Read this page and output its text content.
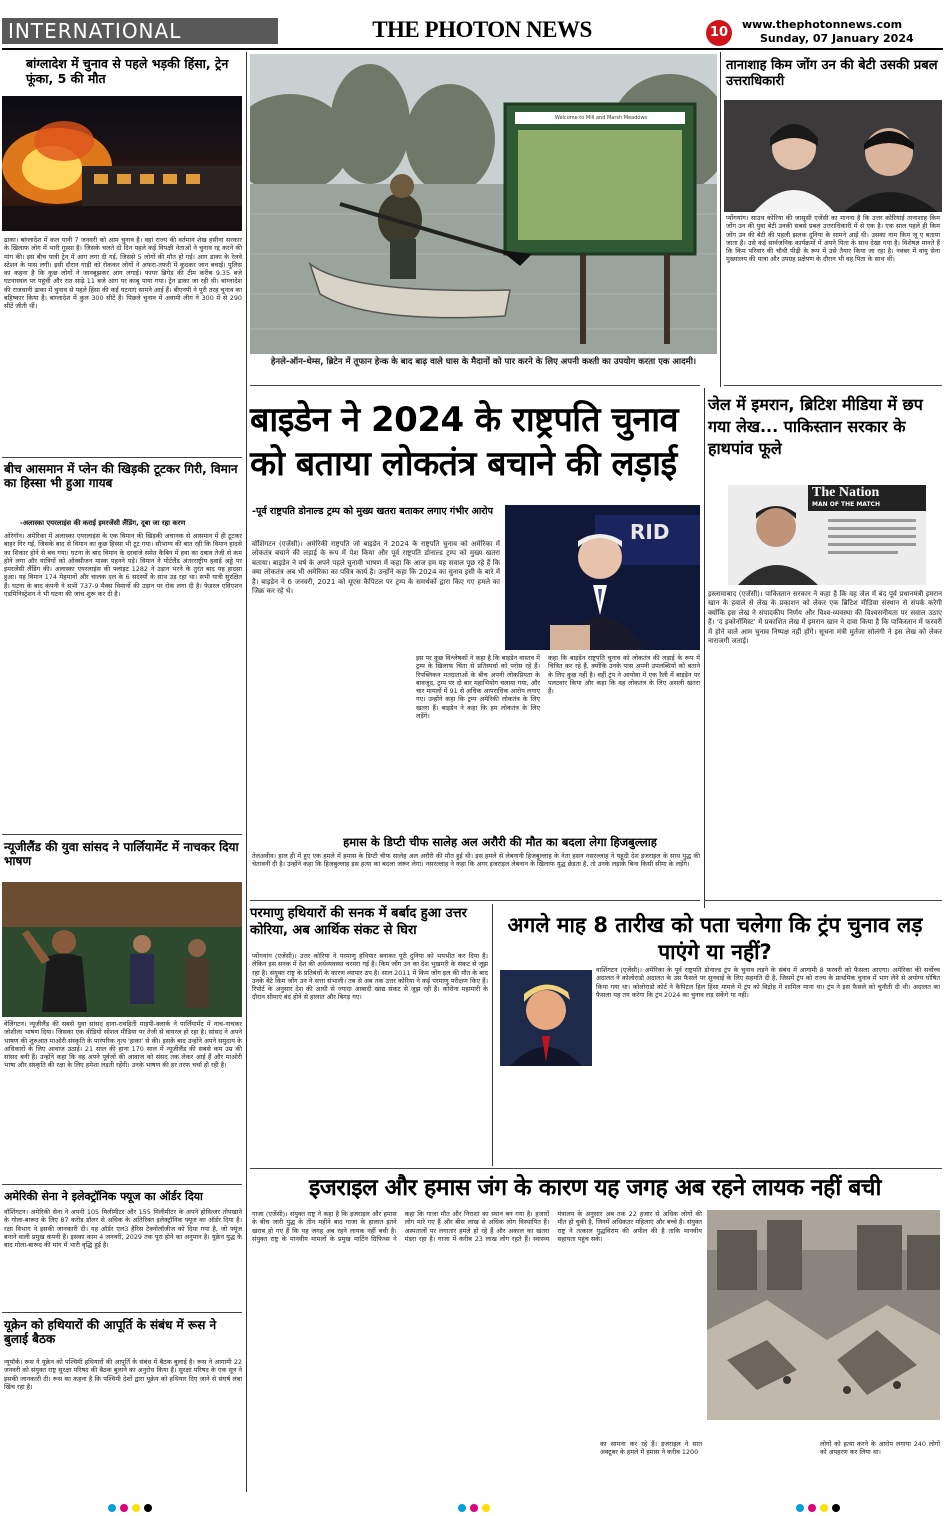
INTERNATIONAL	THE PHOTON NEWS	10
www.thephotonnews.com
Sunday, 07 January 2024
बांग्लादेश में चुनाव से पहले भड़की हिंसा, ट्रेन फूंका, 5 की मौत
ढाका। बांग्लादेश में कल यानी 7 जनवरी को आम चुनाव है। वहां राज्य की वर्तमान शेख हसीना सरकार के खिलाफ लोग में भारी गुस्सा है। जिसके चलते दो दिन पहले कई विपक्षी नेताओं ने चुनाव रद्द करने की मांग की। इस बीच यात्री ट्रेन में आग लगा दी गई, जिससे 5 लोगों की मौत हो गई। आग ढाका के रेलवे स्टेशन के पास लगी। इसी दौरान गाड़ी को रोककर लोगों ने अफरा-तफरी में कूदकर जान बचाई। पुलिस का कहना है कि कुछ लोगों ने जानबूझकर आग लगाई। फायर ब्रिगेड की टीम करीब 9.35 बजे घटनास्थल पर पहुंची और रात साढ़े 11 बजे आग पर काबू पाया गया। ट्रेन ढाका जा रही थी। बांग्लादेश की राजधानी ढाका में चुनाव से पहले हिंसा की कई घटनाएं सामने आई हैं। बीएनपी ने पूरी तरह चुनाव का बहिष्कार किया है। बांग्लादेश में कुल 300 सीटें हैं। पिछले चुनाव में अवामी लीग ने 300 में से 290 सीटें जीती थीं।
बीच आसमान में प्लेन की खिड़की टूटकर गिरी, विमान का हिस्सा भी हुआ गायब
-अलास्का एयरलाइंस की कराई इमरजेंसी लैंडिंग, दूबा जा रहा करण
ओरेगॉन। अमेरिका में अलास्का एयरलाइंस के एक विमान की खिड़की अचानक से आसमान में ही टूटकर बाहर गिर गई, जिसके बाद से विमान का कुछ हिस्सा भी टूट गया। सौभाग्य की बात रही कि विमान हादसे का शिकार होने से बच गया। घटना के बाद विमान के दरवाजे समेत कैबिन में हवा का दबाव तेजी से कम होने लगा और यात्रियों को ऑक्सीजन मास्क पहनने पड़े। विमान ने पोर्टलैंड अंतरराष्ट्रीय हवाई अड्डे पर इमरजेंसी लैंडिंग की। अलास्का एयरलाइंस की फ्लाइट 1282 ने उड़ान भरने के तुरंत बाद यह हादसा हुआ। यह विमान 174 मेहमानों और चालक दल के 6 सदस्यों के साथ उड़ रहा था। सभी यात्री सुरक्षित हैं। घटना के बाद कंपनी ने सभी 737-9 मैक्स विमानों की उड़ान पर रोक लगा दी है। फेडरल एविएशन एडमिनिस्ट्रेशन ने भी घटना की जांच शुरू कर दी है।
न्यूजीलैंड की युवा सांसद ने पार्लियामेंट में नाचकर दिया भाषण
वेलिंगटन। न्यूजीलैंड की सबसे युवा सांसद हाना-रावहिती माइपी-क्लार्क ने पार्लियामेंट में नाच-नाचकर जोशीला भाषण दिया। जिसका एक वीडियो सोशल मीडिया पर तेजी से वायरल हो रहा है। सांसद ने अपने भाषण की शुरुआत माओरी संस्कृति के पारंपरिक नृत्य 'हाका' से की। इसके बाद उन्होंने अपने समुदाय के अधिकारों के लिए आवाज उठाई। 21 साल की हाना 170 साल में न्यूजीलैंड की सबसे कम उम्र की सांसद बनी हैं। उन्होंने कहा कि वह अपने पूर्वजों की आवाज को संसद तक लेकर आई हैं और माओरी भाषा और संस्कृति की रक्षा के लिए हमेशा लड़ती रहेंगी। उनके भाषण की हर तरफ चर्चा हो रही है।
अमेरिकी सेना ने इलेक्ट्रॉनिक फ्यूज का ऑर्डर दिया
वॉशिंगटन। अमेरिकी सेना ने अपनी 105 मिलीमीटर और 155 मिलीमीटर के अपने होवित्जर तोपखाने के गोला-बारूद के लिए 87 करोड़ डॉलर से अधिक के अतिरिक्त इलेक्ट्रॉनिक फ्यूज का ऑर्डर दिया है। रक्षा विभाग ने इसकी जानकारी दी। यह ऑर्डर एल3 हैरिस टेक्नोलॉजीज को दिया गया है, जो फ्यूज बनाने वाली प्रमुख कंपनी है। इसका काम 4 जनवरी, 2029 तक पूरा होने का अनुमान है। यूक्रेन युद्ध के बाद गोला-बारूद की मांग में भारी वृद्धि हुई है।
यूक्रेन को हथियारों की आपूर्ति के संबंध में रूस ने बुलाई बैठक
न्यूयॉर्क। रूस ने यूक्रेन को पश्चिमी हथियारों की आपूर्ति के संबंध में बैठक बुलाई है। रूस ने आगामी 22 जनवरी को संयुक्त राष्ट्र सुरक्षा परिषद की बैठक बुलाने का अनुरोध किया है। सुरक्षा परिषद के एक सूत्र ने इसकी जानकारी दी। रूस का कहना है कि पश्चिमी देशों द्वारा यूक्रेन को हथियार दिए जाने से संघर्ष लंबा खिंच रहा है।
Welcome to Mill and Marsh Meadows
हेनले-ऑन-थेम्स, ब्रिटेन में तूफान हेन्क के बाद बाढ़ वाले घास के मैदानों को पार करने के लिए अपनी कश्ती का उपयोग करता एक आदमी।
तानाशाह किम जोंग उन की बेटी उसकी प्रबल उत्तराधिकारी
प्योंगयांग। साउथ कोरिया की जासूसी एजेंसी का मानना है कि उत्तर कोरियाई तानाशाह किम जोंग उन की युवा बेटी उनकी सबसे प्रबल उत्तराधिकारी में से एक है। एक साल पहले ही किम जोंग उन की बेटी की पहली झलक दुनिया के सामने आई थी। उसका नाम किम जू ए बताया जाता है। उसे कई सार्वजनिक कार्यक्रमों में अपने पिता के साथ देखा गया है। विशेषज्ञ मानते हैं कि किम परिवार की चौथी पीढ़ी के रूप में उसे तैयार किया जा रहा है। नवंबर में वायु सेना मुख्यालय की यात्रा और उपग्रह प्रक्षेपण के दौरान भी वह पिता के साथ थीं।
बाइडेन ने 2024 के राष्ट्रपति चुनाव को बताया लोकतंत्र बचाने की लड़ाई
-पूर्व राष्ट्रपति डोनाल्ड ट्रम्प को मुख्य खतरा बताकर लगाए गंभीर आरोप
वॉशिंगटन (एजेंसी)। अमेरिकी राष्ट्रपति जो बाइडेन ने 2024 के राष्ट्रपति चुनाव को अमेरिका में लोकतंत्र बचाने की लड़ाई के रूप में पेश किया और पूर्व राष्ट्रपति डोनाल्ड ट्रम्प को मुख्य खतरा बताया। बाइडेन ने वर्ष के अपने पहले चुनावी भाषण में कहा कि आज हम यह सवाल पूछ रहे हैं कि क्या लोकतंत्र अब भी अमेरिका का पवित्र कार्य है। उन्होंने कहा कि 2024 का चुनाव इसी के बारे में है। बाइडेन ने 6 जनवरी, 2021 को यूएस कैपिटल पर ट्रम्प के समर्थकों द्वारा किए गए हमले का जिक्र कर रहे थे।
RID
इस पर कुछ विश्लेषकों ने कहा है कि बाइडेन वास्तव में ट्रम्प के खिलाफ चिंता से प्रतिस्पर्धा को परोस रहे हैं। रिपब्लिकन मतदाताओं के बीच अपनी लोकप्रियता के बावजूद, ट्रम्प पर दो बार महाभियोग चलाया गया, और चार मामलों में 91 से अधिक आपराधिक आरोप लगाए गए। उन्होंने कहा कि ट्रम्प अमेरिकी लोकतंत्र के लिए खतरा हैं। बाइडेन ने कहा कि हम लोकतंत्र के लिए लड़ेंगे।
कहा कि बाइडेन राष्ट्रपति चुनाव को लोकतंत्र की लड़ाई के रूप में चित्रित कर रहे हैं, क्योंकि उनके पास अपनी उपलब्धियों को बताने के लिए कुछ नहीं है। वहीं ट्रंप ने आयोवा में एक रैली में बाइडेन पर पलटवार किया और कहा कि वह लोकतंत्र के लिए असली खतरा हैं।
हमास के डिप्टी चीफ सालेह अल अरौरी की मौत का बदला लेगा हिजबुल्लाह
तेलअवीव। हाल ही में हुए एक हमले में हमास के डिप्टी चीफ सालेह अल अरौरी की मौत हुई थी। इस हमले से लेबनानी हिजबुल्लाह के नेता हसन नसरल्लाह ने यहूदी देश इजराइल के साथ युद्ध की चेतावनी दी है। उन्होंने कहा कि हिजबुल्लाह इस हत्या का बदला जरूर लेगा। नसरल्लाह ने कहा कि अगर इजराइल लेबनान के खिलाफ युद्ध छेड़ता है, तो उनके लड़ाके बिना किसी सीमा के लड़ेंगे।
जेल में इमरान, ब्रिटिश मीडिया में छप गया लेख... पाकिस्तान सरकार के हाथपांव फूले
The Nation
MAN OF THE MATCH
इस्लामाबाद (एजेंसी)। पाकिस्तान सरकार ने कहा है कि वह जेल में बंद पूर्व प्रधानमंत्री इमरान खान के हवाले से लेख के प्रकाशन को लेकर एक ब्रिटिश मीडिया संस्थान से संपर्क करेगी क्योंकि इस लेख ने संपादकीय निर्णय और विश्व-व्यवस्था की विश्वसनीयता पर सवाल उठाए हैं। ‘द इकोनॉमिस्ट’ में प्रकाशित लेख में इमरान खान ने दावा किया है कि पाकिस्तान में फरवरी में होने वाले आम चुनाव निष्पक्ष नहीं होंगे। सूचना मंत्री मुर्तजा सोलंगी ने इस लेख को लेकर नाराजगी जताई।
परमाणु हथियारों की सनक में बर्बाद हुआ उत्तर कोरिया, अब आर्थिक संकट से घिरा
प्योंगयांग (एजेंसी)। उत्तर कोरिया ने परमाणु हथियार बनाकर पूरी दुनिया को भयभीत कर दिया है। लेकिन इस सनक में देश की अर्थव्यवस्था चरमरा गई है। किम जोंग उन का देश भुखमरी के संकट से जूझ रहा है। संयुक्त राष्ट्र के प्रतिबंधों के कारण व्यापार ठप है। साल 2011 में किम जोंग इल की मौत के बाद उनके बेटे किम जोंग उन ने सत्ता संभाली। तब से अब तक उत्तर कोरिया ने कई परमाणु परीक्षण किए हैं। रिपोर्ट के अनुसार देश की आधी से ज्यादा आबादी खाद्य संकट से जूझ रही है। कोरोना महामारी के दौरान सीमाएं बंद होने से हालात और बिगड़ गए।
अगले माह 8 तारीख को पता चलेगा कि ट्रंप चुनाव लड़ पाएंगे या नहीं?
वाशिंगटन (एजेंसी)। अमेरिका के पूर्व राष्ट्रपति डोनाल्ड ट्रंप के चुनाव लड़ने के संबंध में आगामी 8 फरवरी को फैसला आएगा। अमेरिका की सर्वोच्च अदालत ने कोलोराडो अदालत के उस फैसले पर सुनवाई के लिए सहमति दी है, जिसमें ट्रंप को राज्य के प्राथमिक चुनाव में भाग लेने से अयोग्य घोषित किया गया था। कोलोराडो कोर्ट ने कैपिटल हिल हिंसा मामले में ट्रंप को विद्रोह में शामिल माना था। ट्रंप ने इस फैसले को चुनौती दी थी। अदालत का फैसला यह तय करेगा कि ट्रंप 2024 का चुनाव लड़ सकेंगे या नहीं।
इजराइल और हमास जंग के कारण यह जगह अब रहने लायक नहीं बची
गाजा (एजेंसी)। संयुक्त राष्ट्र ने कहा है कि इजराइल और हमास के बीच जारी युद्ध के तीन महीने बाद गाजा के हालात इतने खराब हो गए हैं कि यह जगह अब रहने लायक नहीं बची है। संयुक्त राष्ट्र के मानवीय मामलों के प्रमुख मार्टिन ग्रिफिथ्स ने कहा कि गाजा मौत और निराशा का स्थान बन गया है। हजारों लोग मारे गए हैं और बीस लाख से अधिक लोग विस्थापित हैं। अस्पतालों पर लगातार हमले हो रहे हैं और अकाल का खतरा मंडरा रहा है। गाजा में करीब 23 लाख लोग रहते हैं। स्वास्थ्य मंत्रालय के अनुसार अब तक 22 हजार से अधिक लोगों की मौत हो चुकी है, जिनमें अधिकतर महिलाएं और बच्चे हैं। संयुक्त राष्ट्र ने तत्काल युद्धविराम की अपील की है ताकि मानवीय सहायता पहुंच सके।
का सामना कर रहे हैं। इजराइल ने सात अक्टूबर के हमले में हमास ने करीब 1200
लोगों को हत्या करने के आरोप लगाया 240 लोगों को अपहरण कर लिया था।
